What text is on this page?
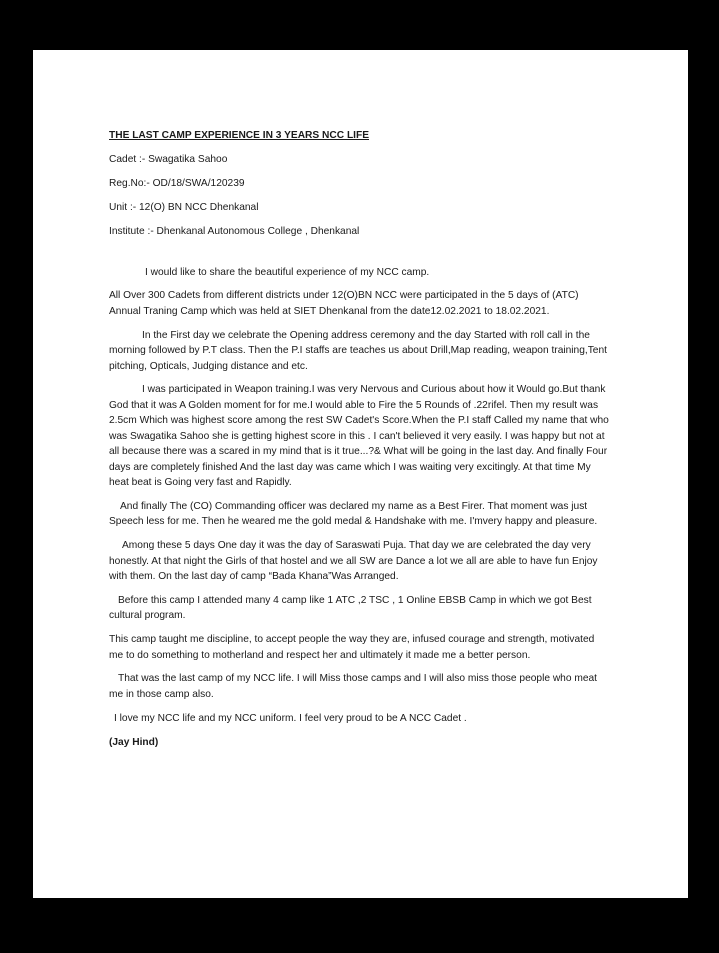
THE LAST CAMP EXPERIENCE IN 3 YEARS NCC LIFE
Cadet :- Swagatika Sahoo
Reg.No:- OD/18/SWA/120239
Unit :- 12(O) BN NCC Dhenkanal
Institute :- Dhenkanal Autonomous College , Dhenkanal

I would like to share the beautiful experience of my NCC camp.

All Over 300 Cadets from different districts under 12(O)BN NCC were participated in the 5 days of (ATC) Annual Traning Camp which was held at SIET Dhenkanal from the date12.02.2021 to 18.02.2021.

In the First day we celebrate the Opening address ceremony and the day Started with roll call in the morning followed by P.T class. Then the P.I staffs are teaches us about Drill,Map reading, weapon training,Tent pitching, Opticals, Judging distance and etc.

I was participated in Weapon training.I was very Nervous and Curious about how it Would go.But thank God that it was A Golden moment for for me.I would able to Fire the 5 Rounds of .22rifel. Then my result was 2.5cm Which was highest score among the rest SW Cadet's Score.When the P.I staff Called my name that who was Swagatika Sahoo she is getting highest score in this . I can't believed it very easily. I was happy but not at all because there was a scared in my mind that is it true...?& What will be going in the last day. And finally Four days are completely finished And the last day was came which I was waiting very excitingly. At that time My heat beat is Going very fast and Rapidly.

And finally The (CO) Commanding officer was declared my name as a Best Firer. That moment was just Speech less for me. Then he weared me the gold medal & Handshake with me. I'mvery happy and pleasure.

Among these 5 days One day it was the day of Saraswati Puja. That day we are celebrated the day very honestly. At that night the Girls of that hostel and we all SW are Dance a lot we all are able to have fun Enjoy with them. On the last day of camp “Bada Khana”Was Arranged.

Before this camp I attended many 4 camp like 1 ATC ,2 TSC , 1 Online EBSB Camp in which we got Best cultural program.

This camp taught me discipline, to accept people the way they are, infused courage and strength, motivated me to do something to motherland and respect her and ultimately it made me a better person.

That was the last camp of my NCC life. I will Miss those camps and I will also miss those people who meat me in those camp also.

I love my NCC life and my NCC uniform. I feel very proud to be A NCC Cadet .

(Jay Hind)
